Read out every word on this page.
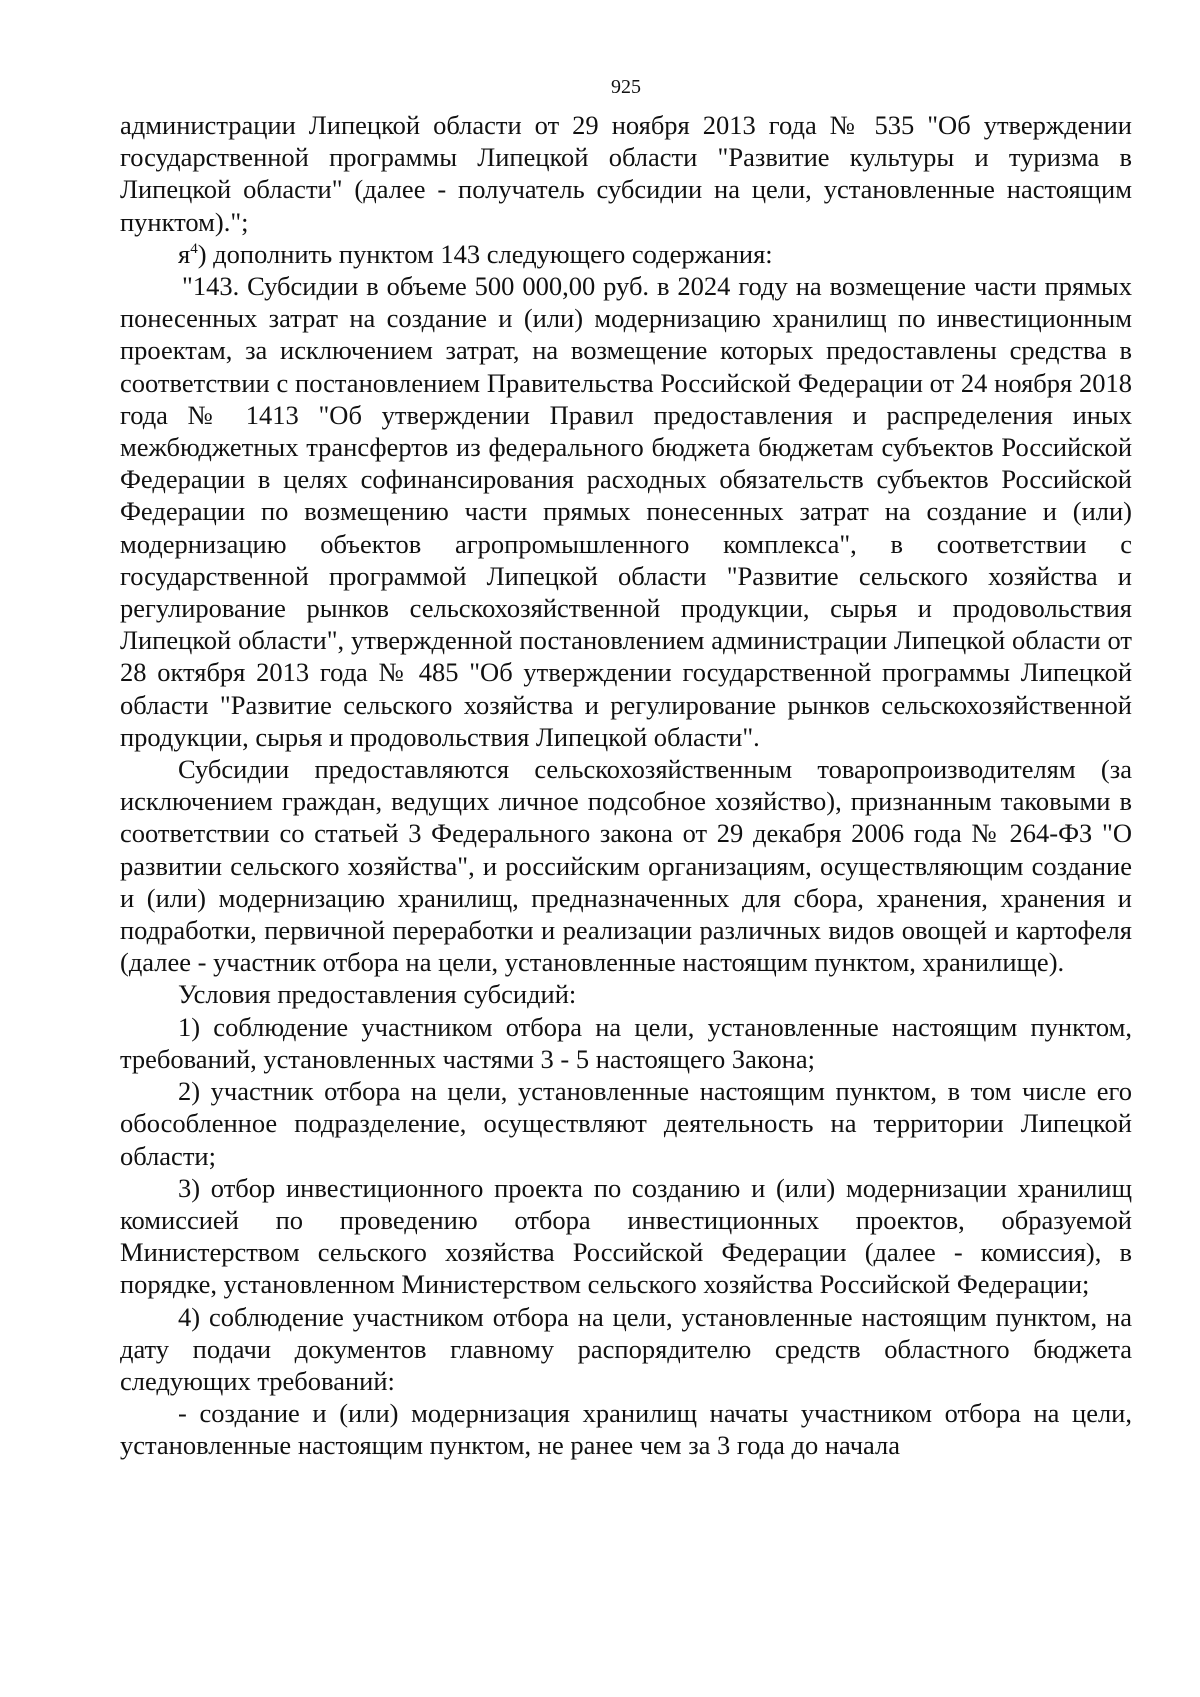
925

администрации Липецкой области от 29 ноября 2013 года № 535 "Об утверждении государственной программы Липецкой области "Развитие культуры и туризма в Липецкой области" (далее - получатель субсидии на цели, установленные настоящим пунктом).";

$я^4$) дополнить пунктом 143 следующего содержания:

"143. Субсидии в объеме 500 000,00 руб. в 2024 году на возмещение части прямых понесенных затрат на создание и (или) модернизацию хранилищ по инвестиционным проектам, за исключением затрат, на возмещение которых предоставлены средства в соответствии с постановлением Правительства Российской Федерации от 24 ноября 2018 года № 1413 "Об утверждении Правил предоставления и распределения иных межбюджетных трансфертов из федерального бюджета бюджетам субъектов Российской Федерации в целях софинансирования расходных обязательств субъектов Российской Федерации по возмещению части прямых понесенных затрат на создание и (или) модернизацию объектов агропромышленного комплекса", в соответствии с государственной программой Липецкой области "Развитие сельского хозяйства и регулирование рынков сельскохозяйственной продукции, сырья и продовольствия Липецкой области", утвержденной постановлением администрации Липецкой области от 28 октября 2013 года № 485 "Об утверждении государственной программы Липецкой области "Развитие сельского хозяйства и регулирование рынков сельскохозяйственной продукции, сырья и продовольствия Липецкой области".

Субсидии предоставляются сельскохозяйственным товаропроизводителям (за исключением граждан, ведущих личное подсобное хозяйство), признанным таковыми в соответствии со статьей 3 Федерального закона от 29 декабря 2006 года № 264-ФЗ "О развитии сельского хозяйства", и российским организациям, осуществляющим создание и (или) модернизацию хранилищ, предназначенных для сбора, хранения, хранения и подработки, первичной переработки и реализации различных видов овощей и картофеля (далее - участник отбора на цели, установленные настоящим пунктом, хранилище).

Условия предоставления субсидий:

1) соблюдение участником отбора на цели, установленные настоящим пунктом, требований, установленных частями 3 - 5 настоящего Закона;

2) участник отбора на цели, установленные настоящим пунктом, в том числе его обособленное подразделение, осуществляют деятельность на территории Липецкой области;

3) отбор инвестиционного проекта по созданию и (или) модернизации хранилищ комиссией по проведению отбора инвестиционных проектов, образуемой Министерством сельского хозяйства Российской Федерации (далее - комиссия), в порядке, установленном Министерством сельского хозяйства Российской Федерации;

4) соблюдение участником отбора на цели, установленные настоящим пунктом, на дату подачи документов главному распорядителю средств областного бюджета следующих требований:

- создание и (или) модернизация хранилищ начаты участником отбора на цели, установленные настоящим пунктом, не ранее чем за 3 года до начала
